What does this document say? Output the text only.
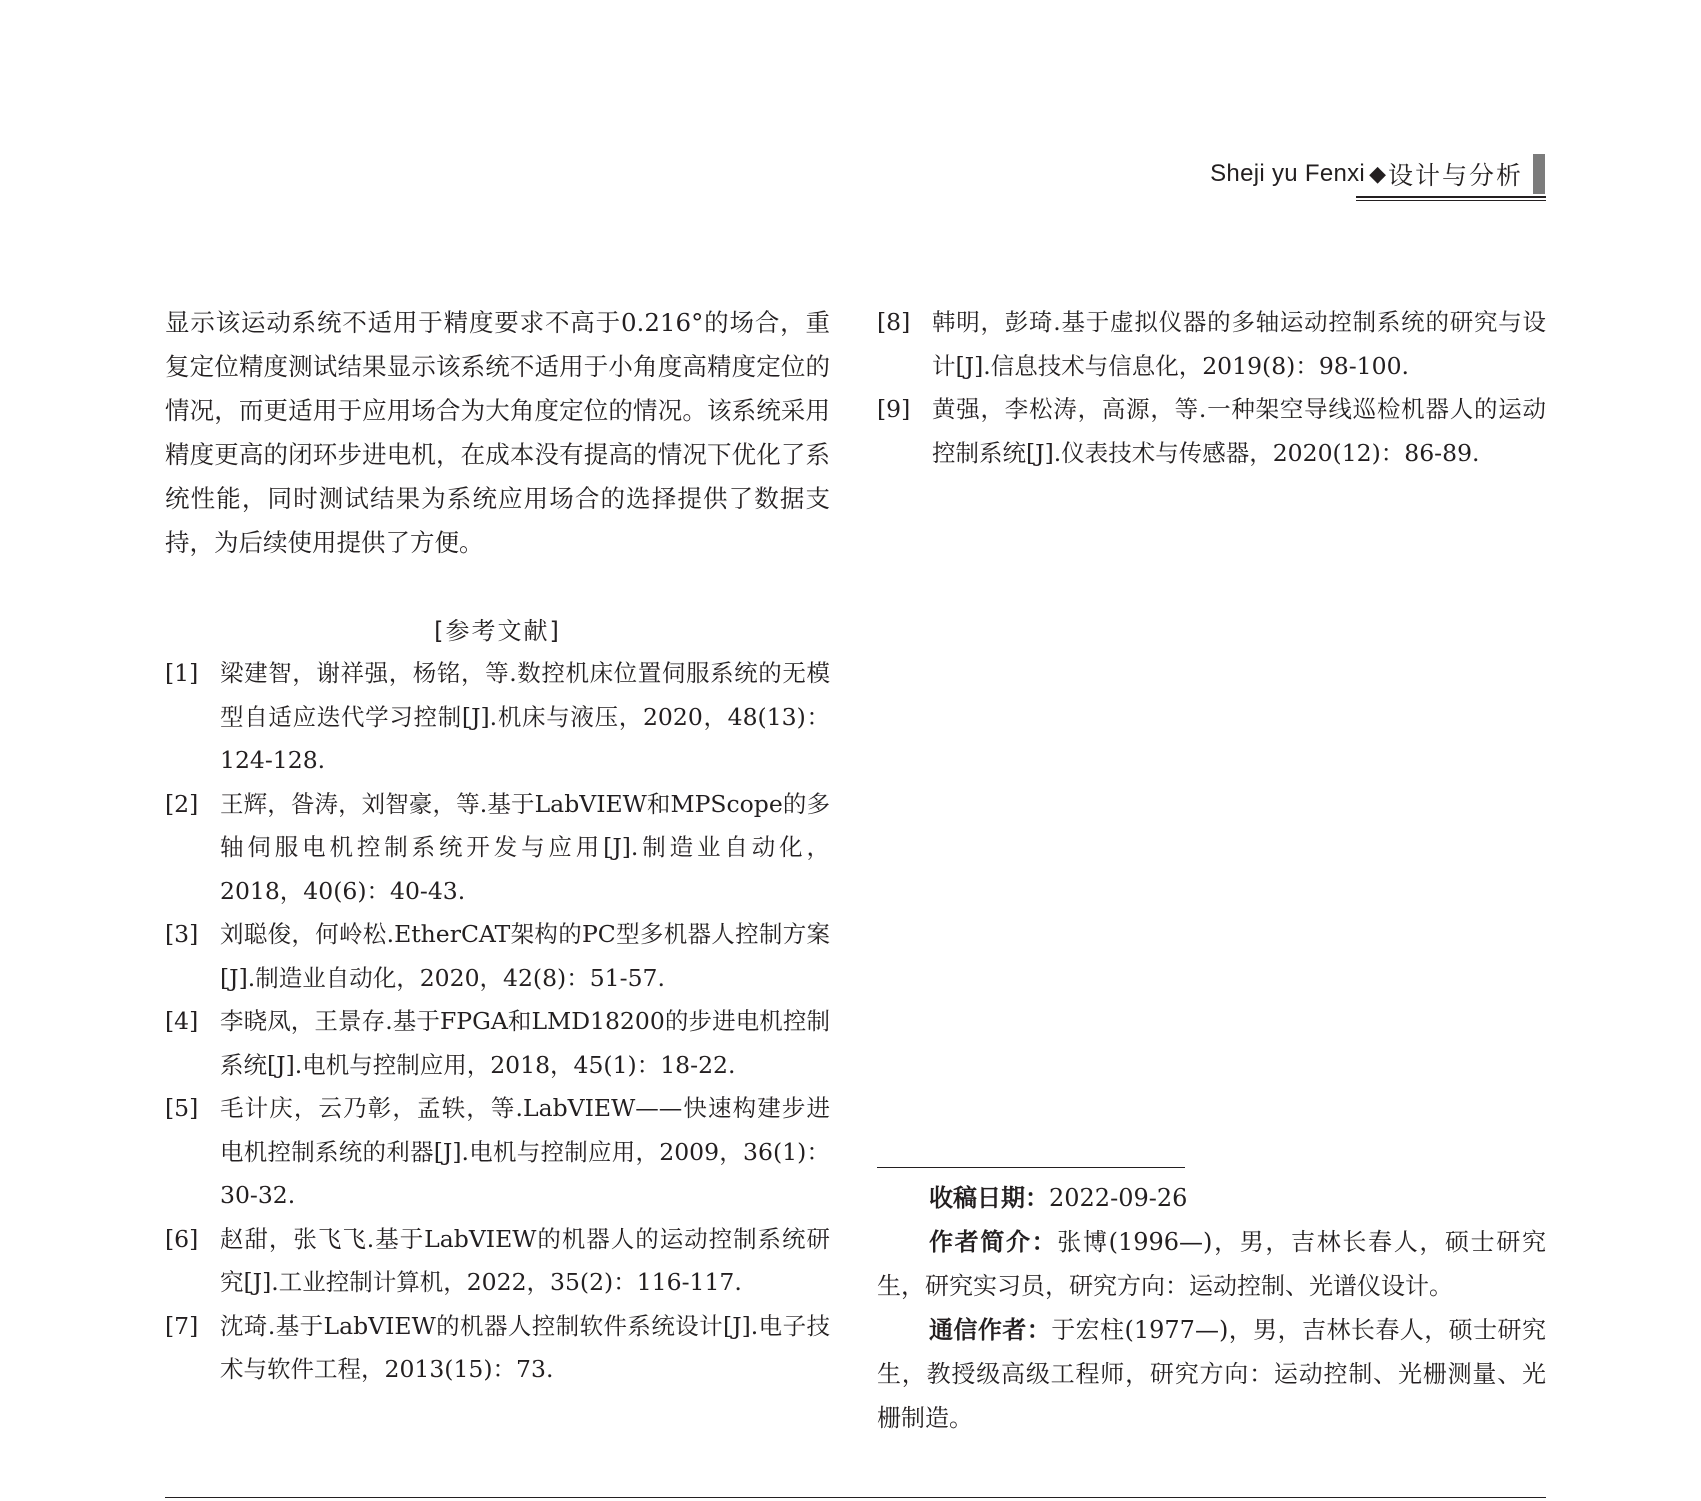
Sheji yu Fenxi ◆ 设计与分析
显示该运动系统不适用于精度要求不高于0.216°的场合，重复定位精度测试结果显示该系统不适用于小角度高精度定位的情况，而更适用于应用场合为大角度定位的情况。该系统采用精度更高的闭环步进电机，在成本没有提高的情况下优化了系统性能，同时测试结果为系统应用场合的选择提供了数据支持，为后续使用提供了方便。
[参考文献]
[1] 梁建智，谢祥强，杨铭，等.数控机床位置伺服系统的无模型自适应迭代学习控制[J].机床与液压，2020，48(13)：124-128.
[2] 王辉，昝涛，刘智豪，等.基于LabVIEW和MPScope的多轴伺服电机控制系统开发与应用[J].制造业自动化，2018，40(6)：40-43.
[3] 刘聪俊，何岭松.EtherCAT架构的PC型多机器人控制方案[J].制造业自动化，2020，42(8)：51-57.
[4] 李晓凤，王景存.基于FPGA和LMD18200的步进电机控制系统[J].电机与控制应用，2018，45(1)：18-22.
[5] 毛计庆，云乃彰，孟轶，等.LabVIEW——快速构建步进电机控制系统的利器[J].电机与控制应用，2009，36(1)：30-32.
[6] 赵甜，张飞飞.基于LabVIEW的机器人的运动控制系统研究[J].工业控制计算机，2022，35(2)：116-117.
[7] 沈琦.基于LabVIEW的机器人控制软件系统设计[J].电子技术与软件工程，2013(15)：73.
[8] 韩明，彭琦.基于虚拟仪器的多轴运动控制系统的研究与设计[J].信息技术与信息化，2019(8)：98-100.
[9] 黄强，李松涛，高源，等.一种架空导线巡检机器人的运动控制系统[J].仪表技术与传感器，2020(12)：86-89.

收稿日期：2022-09-26

作者简介：张博(1996—)，男，吉林长春人，硕士研究生，研究实习员，研究方向：运动控制、光谱仪设计。

通信作者：于宏柱(1977—)，男，吉林长春人，硕士研究生，教授级高级工程师，研究方向：运动控制、光栅测量、光栅制造。
